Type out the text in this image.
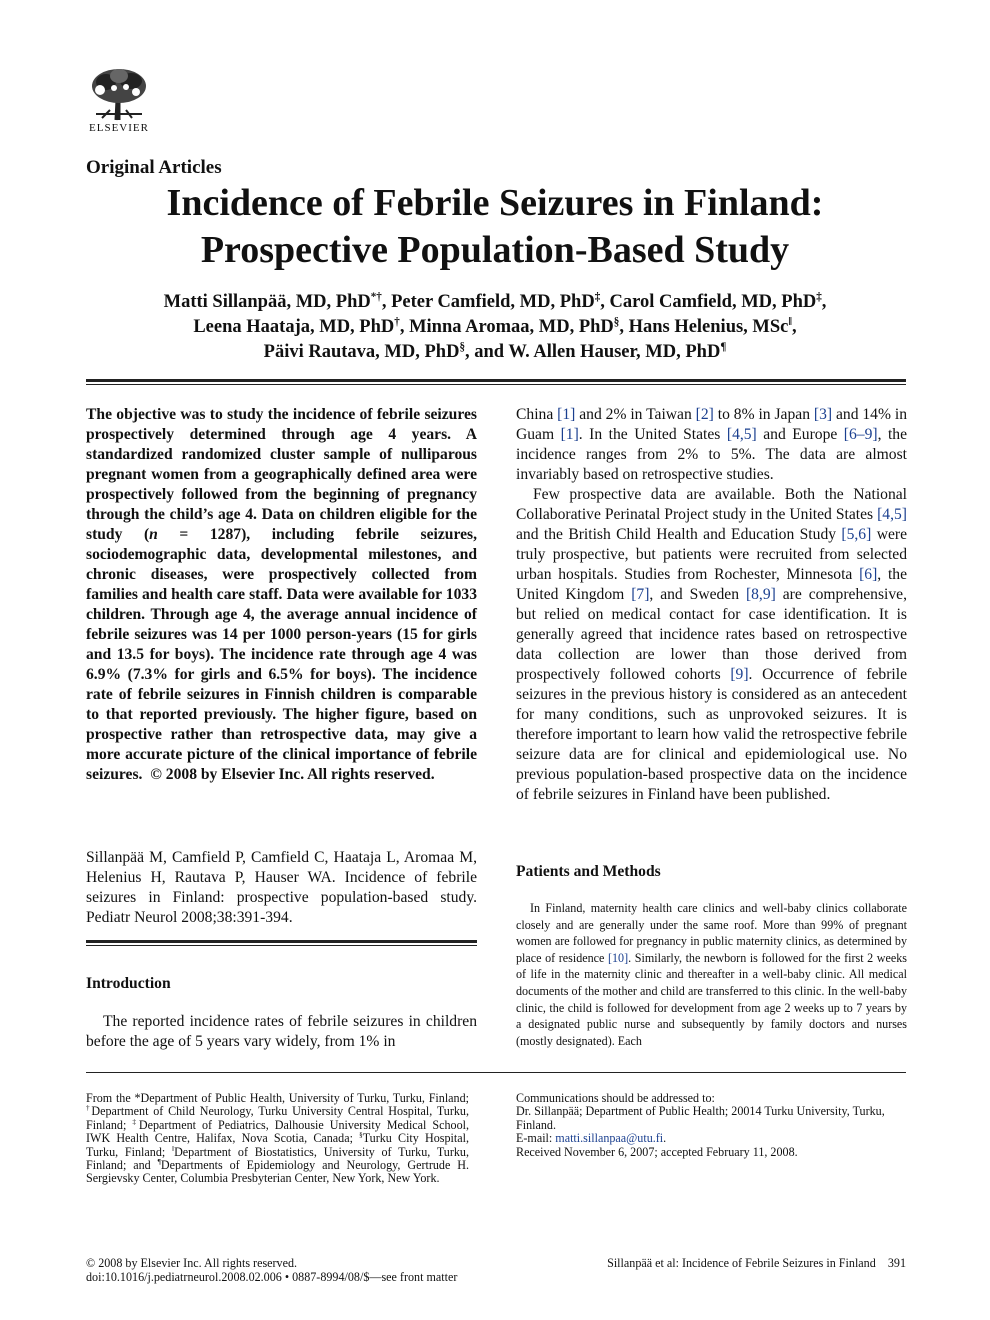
ELSEVIER
Original Articles
Incidence of Febrile Seizures in Finland:
Prospective Population-Based Study

Matti Sillanpää, MD, PhD*†, Peter Camfield, MD, PhD‡, Carol Camfield, MD, PhD‡,

Leena Haataja, MD, PhD†, Minna Aromaa, MD, PhD§, Hans Helenius, MSc‖,

Päivi Rautava, MD, PhD§, and W. Allen Hauser, MD, PhD¶

The objective was to study the incidence of febrile seizures prospectively determined through age 4 years. A standardized randomized cluster sample of nulliparous pregnant women from a geographically defined area were prospectively followed from the beginning of pregnancy through the child’s age 4. Data on children eligible for the study (n = 1287), including febrile seizures, sociodemographic data, developmental milestones, and chronic diseases, were prospectively collected from families and health care staff. Data were available for 1033 children. Through age 4, the average annual incidence of febrile seizures was 14 per 1000 person-years (15 for girls and 13.5 for boys). The incidence rate through age 4 was 6.9% (7.3% for girls and 6.5% for boys). The incidence rate of febrile seizures in Finnish children is comparable to that reported previously. The higher figure, based on prospective rather than retrospective data, may give a more accurate picture of the clinical importance of febrile seizures. © 2008 by Elsevier Inc. All rights reserved.
Sillanpää M, Camfield P, Camfield C, Haataja L, Aromaa M, Helenius H, Rautava P, Hauser WA. Incidence of febrile seizures in Finland: prospective population-based study. Pediatr Neurol 2008;38:391-394.
Introduction
The reported incidence rates of febrile seizures in children before the age of 5 years vary widely, from 1% in

China [1] and 2% in Taiwan [2] to 8% in Japan [3] and 14% in Guam [1]. In the United States [4,5] and Europe [6–9], the incidence ranges from 2% to 5%. The data are almost invariably based on retrospective studies.

Few prospective data are available. Both the National Collaborative Perinatal Project study in the United States [4,5] and the British Child Health and Education Study [5,6] were truly prospective, but patients were recruited from selected urban hospitals. Studies from Rochester, Minnesota [6], the United Kingdom [7], and Sweden [8,9] are comprehensive, but relied on medical contact for case identification. It is generally agreed that incidence rates based on retrospective data collection are lower than those derived from prospectively followed cohorts [9]. Occurrence of febrile seizures in the previous history is considered as an antecedent for many conditions, such as unprovoked seizures. It is therefore important to learn how valid the retrospective febrile seizure data are for clinical and epidemiological use. No previous population-based prospective data on the incidence of febrile seizures in Finland have been published.

Patients and Methods
In Finland, maternity health care clinics and well-baby clinics collaborate closely and are generally under the same roof. More than 99% of pregnant women are followed for pregnancy in public maternity clinics, as determined by place of residence [10]. Similarly, the newborn is followed for the first 2 weeks of life in the maternity clinic and thereafter in a well-baby clinic. All medical documents of the mother and child are transferred to this clinic. In the well-baby clinic, the child is followed for development from age 2 weeks up to 7 years by a designated public nurse and subsequently by family doctors and nurses (mostly designated). Each
From the *Department of Public Health, University of Turku, Turku, Finland; †Department of Child Neurology, Turku University Central Hospital, Turku, Finland; ‡Department of Pediatrics, Dalhousie University Medical School, IWK Health Centre, Halifax, Nova Scotia, Canada; §Turku City Hospital, Turku, Finland; ‖Department of Biostatistics, University of Turku, Turku, Finland; and ¶Departments of Epidemiology and Neurology, Gertrude H. Sergievsky Center, Columbia Presbyterian Center, New York, New York.

Communications should be addressed to:

Dr. Sillanpää; Department of Public Health; 20014 Turku University, Turku, Finland.

E-mail: matti.sillanpaa@utu.fi.

Received November 6, 2007; accepted February 11, 2008.

© 2008 by Elsevier Inc. All rights reserved.
doi:10.1016/j.pediatrneurol.2008.02.006 • 0887-8994/08/$—see front matter
Sillanpää et al: Incidence of Febrile Seizures in Finland 391
